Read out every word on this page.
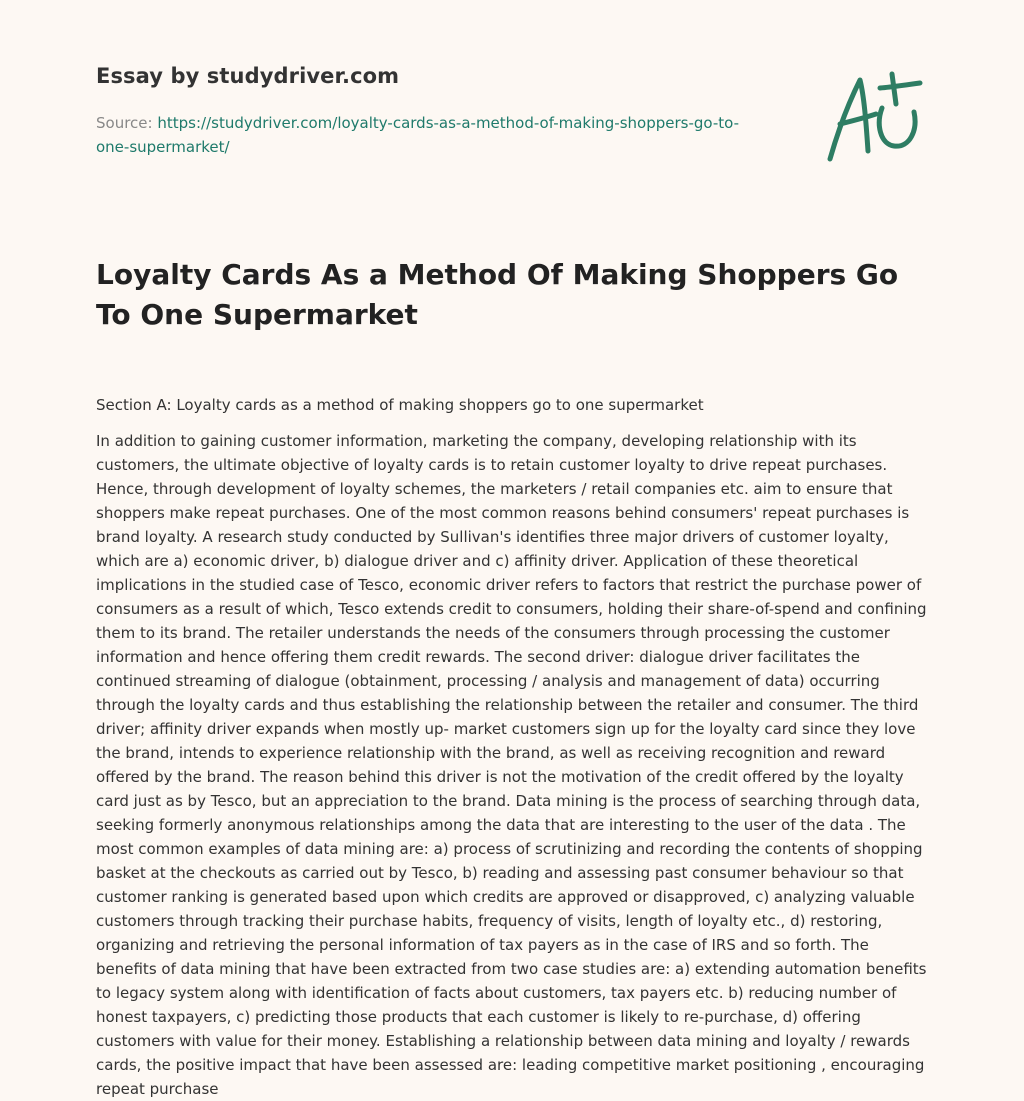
Essay by studydriver.com
Source: https://studydriver.com/loyalty-cards-as-a-method-of-making-shoppers-go-to-one-supermarket/
Loyalty Cards As a Method Of Making Shoppers Go To One Supermarket
Section A: Loyalty cards as a method of making shoppers go to one supermarket

In addition to gaining customer information, marketing the company, developing relationship with its customers, the ultimate objective of loyalty cards is to retain customer loyalty to drive repeat purchases. Hence, through development of loyalty schemes, the marketers / retail companies etc. aim to ensure that shoppers make repeat purchases. One of the most common reasons behind consumers' repeat purchases is brand loyalty. A research study conducted by Sullivan's identifies three major drivers of customer loyalty, which are a) economic driver, b) dialogue driver and c) affinity driver. Application of these theoretical implications in the studied case of Tesco, economic driver refers to factors that restrict the purchase power of consumers as a result of which, Tesco extends credit to consumers, holding their share-of-spend and confining them to its brand. The retailer understands the needs of the consumers through processing the customer information and hence offering them credit rewards. The second driver: dialogue driver facilitates the continued streaming of dialogue (obtainment, processing / analysis and management of data) occurring through the loyalty cards and thus establishing the relationship between the retailer and consumer. The third driver; affinity driver expands when mostly up- market customers sign up for the loyalty card since they love the brand, intends to experience relationship with the brand, as well as receiving recognition and reward offered by the brand. The reason behind this driver is not the motivation of the credit offered by the loyalty card just as by Tesco, but an appreciation to the brand. Data mining is the process of searching through data, seeking formerly anonymous relationships among the data that are interesting to the user of the data . The most common examples of data mining are: a) process of scrutinizing and recording the contents of shopping basket at the checkouts as carried out by Tesco, b) reading and assessing past consumer behaviour so that customer ranking is generated based upon which credits are approved or disapproved, c) analyzing valuable customers through tracking their purchase habits, frequency of visits, length of loyalty etc., d) restoring, organizing and retrieving the personal information of tax payers as in the case of IRS and so forth. The benefits of data mining that have been extracted from two case studies are: a) extending automation benefits to legacy system along with identification of facts about customers, tax payers etc. b) reducing number of honest taxpayers, c) predicting those products that each customer is likely to re-purchase, d) offering customers with value for their money. Establishing a relationship between data mining and loyalty / rewards cards, the positive impact that have been assessed are: leading competitive market positioning , encouraging repeat purchase
